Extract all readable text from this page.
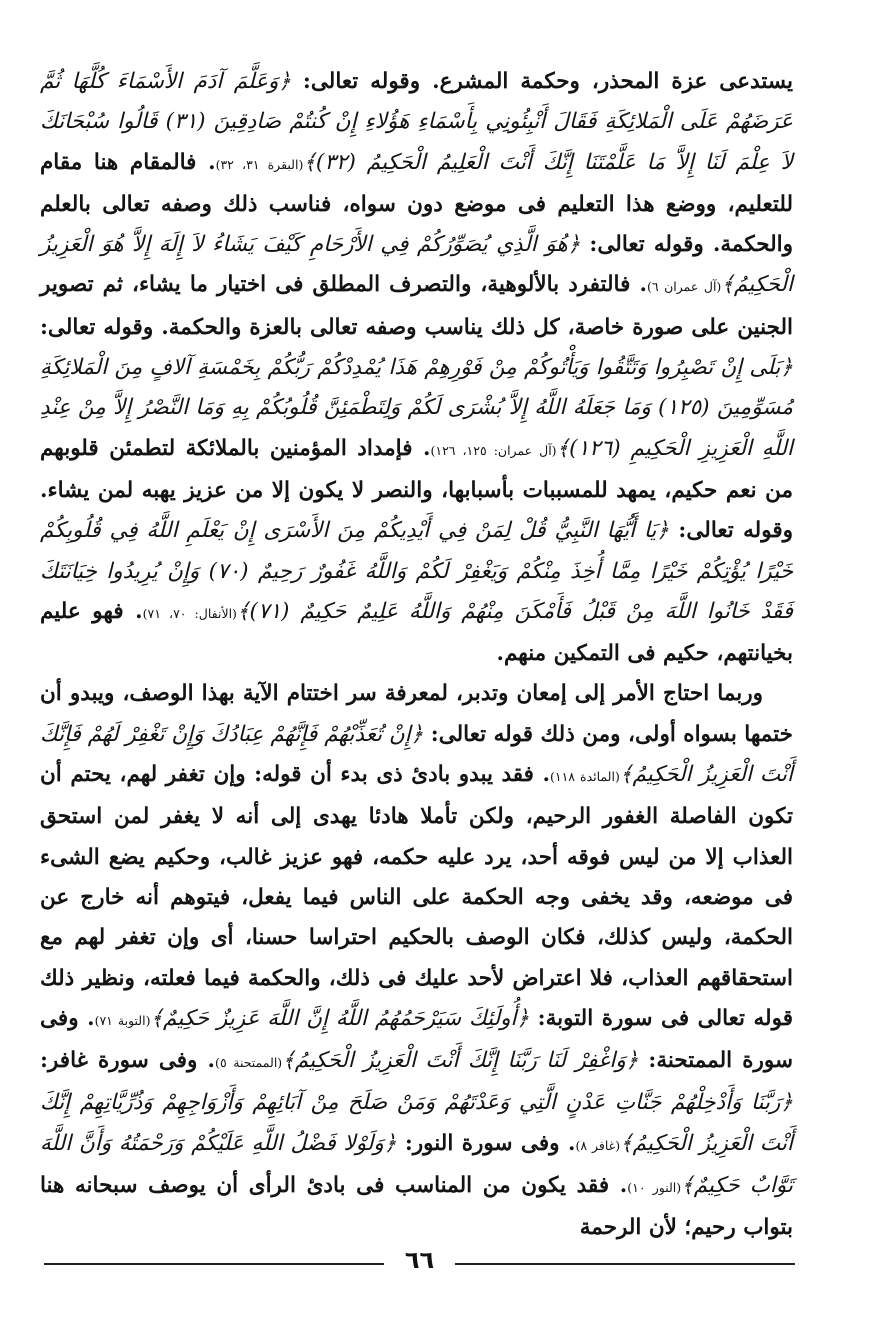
يستدعى عزة المحذر، وحكمة المشرع. وقوله تعالى: ﴿وَعَلَّمَ آدَمَ الأَسْمَاءَ كُلَّهَا ثُمَّ عَرَضَهُمْ عَلَى الْمَلائِكَةِ فَقَالَ أَنْبِئُونِي بِأَسْمَاءِ هَؤُلاءِ إِنْ كُنتُمْ صَادِقِينَ (٣١) قَالُوا سُبْحَانَكَ لاَ عِلْمَ لَنَا إِلاَّ مَا عَلَّمْتَنَا إِنَّكَ أَنْتَ الْعَلِيمُ الْحَكِيمُ (٣٢)﴾(البقرة ٣١، ٣٢). فالمقام هنا مقام للتعليم، ووضع هذا التعليم فى موضع دون سواه، فناسب ذلك وصفه تعالى بالعلم والحكمة. وقوله تعالى: ﴿هُوَ الَّذِي يُصَوِّرُكُمْ فِي الأَرْحَامِ كَيْفَ يَشَاءُ لاَ إِلَهَ إِلاَّ هُوَ الْعَزِيزُ الْحَكِيمُ﴾(آل عمران ٦). فالتفرد بالألوهية، والتصرف المطلق فى اختيار ما يشاء، ثم تصوير الجنين على صورة خاصة، كل ذلك يناسب وصفه تعالى بالعزة والحكمة. وقوله تعالى: ﴿بَلَى إِنْ تَصْبِرُوا وَتَتَّقُوا وَيَأْتُوكُمْ مِنْ فَوْرِهِمْ هَذَا يُمْدِدْكُمْ رَبُّكُمْ بِخَمْسَةِ آلافٍ مِنَ الْمَلائِكَةِ مُسَوِّمِينَ (١٢٥) وَمَا جَعَلَهُ اللَّهُ إِلاَّ بُشْرَى لَكُمْ وَلِتَطْمَئِنَّ قُلُوبُكُمْ بِهِ وَمَا النَّصْرُ إِلاَّ مِنْ عِنْدِ اللَّهِ الْعَزِيزِ الْحَكِيمِ (١٢٦)﴾(آل عمران: ١٢٥، ١٢٦). فإمداد المؤمنين بالملائكة لتطمئن قلوبهم من نعم حكيم، يمهد للمسببات بأسبابها، والنصر لا يكون إلا من عزيز يهبه لمن يشاء. وقوله تعالى: ﴿يَا أَيُّهَا النَّبِيُّ قُلْ لِمَنْ فِي أَيْدِيكُمْ مِنَ الأَسْرَى إِنْ يَعْلَمِ اللَّهُ فِي قُلُوبِكُمْ خَيْرًا يُؤْتِكُمْ خَيْرًا مِمَّا أُخِذَ مِنْكُمْ وَيَغْفِرْ لَكُمْ وَاللَّهُ غَفُورٌ رَحِيمٌ (٧٠) وَإِنْ يُرِيدُوا خِيَانَتَكَ فَقَدْ خَانُوا اللَّهَ مِنْ قَبْلُ فَأَمْكَنَ مِنْهُمْ وَاللَّهُ عَلِيمٌ حَكِيمٌ (٧١)﴾(الأنفال: ٧٠، ٧١). فهو عليم بخيانتهم، حكيم فى التمكين منهم.

وربما احتاج الأمر إلى إمعان وتدبر، لمعرفة سر اختتام الآية بهذا الوصف، ويبدو أن ختمها بسواه أولى، ومن ذلك قوله تعالى: ﴿إِنْ تُعَذِّبْهُمْ فَإِنَّهُمْ عِبَادُكَ وَإِنْ تَغْفِرْ لَهُمْ فَإِنَّكَ أَنْتَ الْعَزِيزُ الْحَكِيمُ﴾(المائدة ١١٨). فقد يبدو بادئ ذى بدء أن قوله: وإن تغفر لهم، يحتم أن تكون الفاصلة الغفور الرحيم، ولكن تأملا هادئا يهدى إلى أنه لا يغفر لمن استحق العذاب إلا من ليس فوقه أحد، يرد عليه حكمه، فهو عزيز غالب، وحكيم يضع الشىء فى موضعه، وقد يخفى وجه الحكمة على الناس فيما يفعل، فيتوهم أنه خارج عن الحكمة، وليس كذلك، فكان الوصف بالحكيم احتراسا حسنا، أى وإن تغفر لهم مع استحقاقهم العذاب، فلا اعتراض لأحد عليك فى ذلك، والحكمة فيما فعلته، ونظير ذلك قوله تعالى فى سورة التوبة: ﴿أُولَئِكَ سَيَرْحَمُهُمُ اللَّهُ إِنَّ اللَّهَ عَزِيزٌ حَكِيمٌ﴾(التوبة ٧١). وفى سورة الممتحنة: ﴿وَاغْفِرْ لَنَا رَبَّنَا إِنَّكَ أَنْتَ الْعَزِيزُ الْحَكِيمُ﴾(الممتحنة ٥). وفى سورة غافر: ﴿رَبَّنَا وَأَدْخِلْهُمْ جَنَّاتِ عَدْنٍ الَّتِي وَعَدْتَهُمْ وَمَنْ صَلَحَ مِنْ آبَائِهِمْ وَأَزْوَاجِهِمْ وَذُرِّيَّاتِهِمْ إِنَّكَ أَنْتَ الْعَزِيزُ الْحَكِيمُ﴾(غافر ٨). وفى سورة النور: ﴿وَلَوْلا فَضْلُ اللَّهِ عَلَيْكُمْ وَرَحْمَتُهُ وَأَنَّ اللَّهَ تَوَّابٌ حَكِيمٌ﴾(النور ١٠). فقد يكون من المناسب فى بادئ الرأى أن يوصف سبحانه هنا بتواب رحيم؛ لأن الرحمة

٦٦
